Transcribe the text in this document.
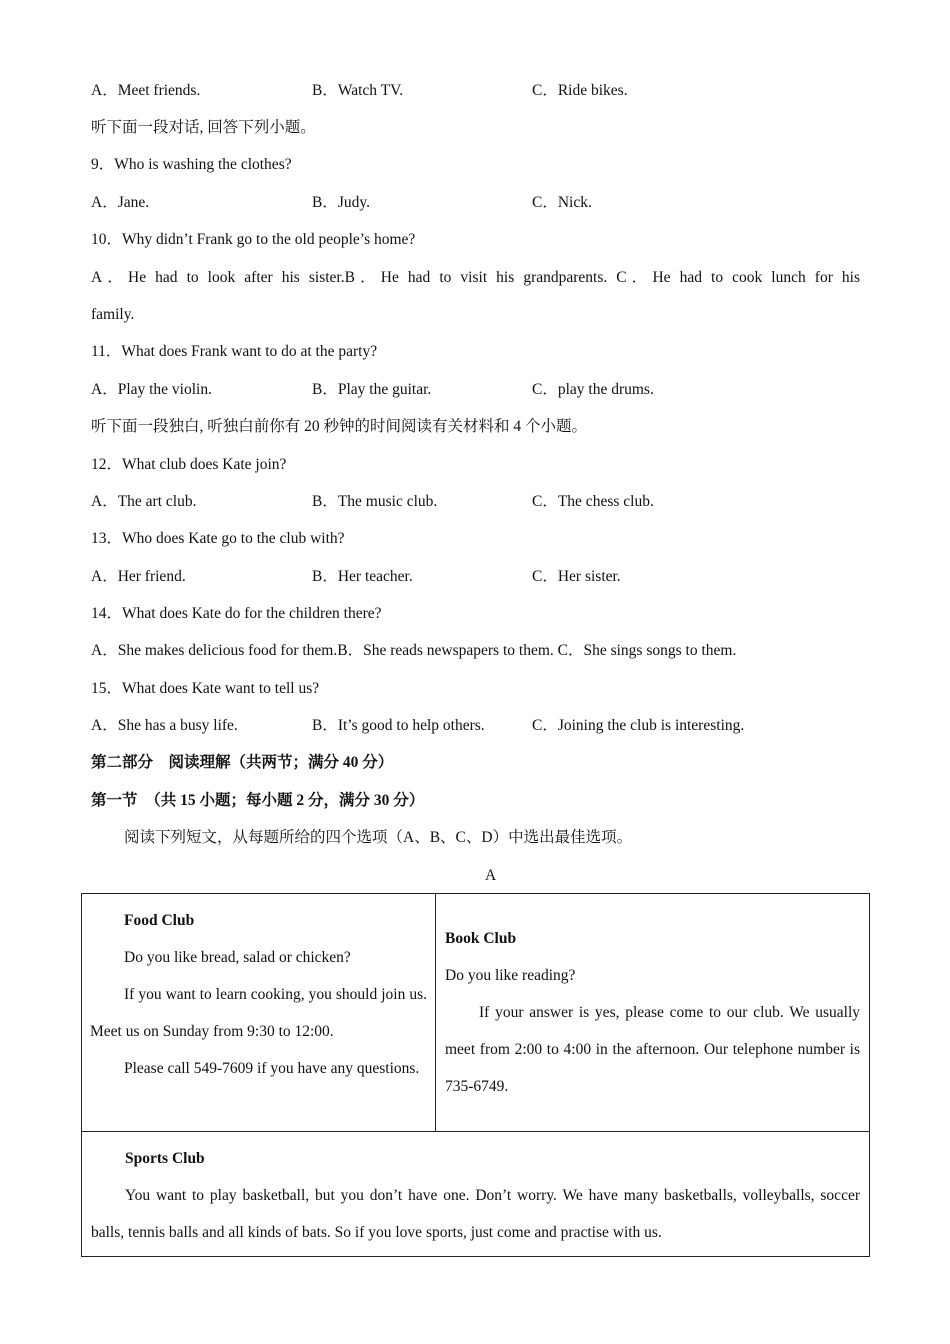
A．Meet friends.	B．Watch TV.	C．Ride bikes.
听下面一段对话, 回答下列小题。
9．Who is washing the clothes?
A．Jane.	B．Judy.	C．Nick.
10．Why didn’t Frank go to the old people’s home?
A．He had to look after his sister.B．He had to visit his grandparents. C．He had to cook lunch for his
family.
11．What does Frank want to do at the party?
A．Play the violin.	B．Play the guitar.	C．play the drums.
听下面一段独白, 听独白前你有 20 秒钟的时间阅读有关材料和 4 个小题。
12．What club does Kate join?
A．The art club.	B．The music club.	C．The chess club.
13．Who does Kate go to the club with?
A．Her friend.	B．Her teacher.	C．Her sister.
14．What does Kate do for the children there?
A．She makes delicious food for them.B．She reads newspapers to them. C．She sings songs to them.
15．What does Kate want to tell us?
A．She has a busy life.	B．It’s good to help others.	C．Joining the club is interesting.
第二部分　阅读理解（共两节；满分 40 分）
第一节　（共 15 小题；每小题 2 分，满分 30 分）
阅读下列短文，从每题所给的四个选项（A、B、C、D）中选出最佳选项。
A
Food Club
Do you like bread, salad or chicken?
If you want to learn cooking, you should join us. Meet us on Sunday from 9:30 to 12:00.
Please call 549-7609 if you have any questions.

Book Club
Do you like reading?
If your answer is yes, please come to our club. We usually meet from 2:00 to 4:00 in the afternoon. Our telephone number is 735-6749.

Sports Club
You want to play basketball, but you don’t have one. Don’t worry. We have many basketballs, volleyballs, soccer balls, tennis balls and all kinds of bats. So if you love sports, just come and practise with us.
